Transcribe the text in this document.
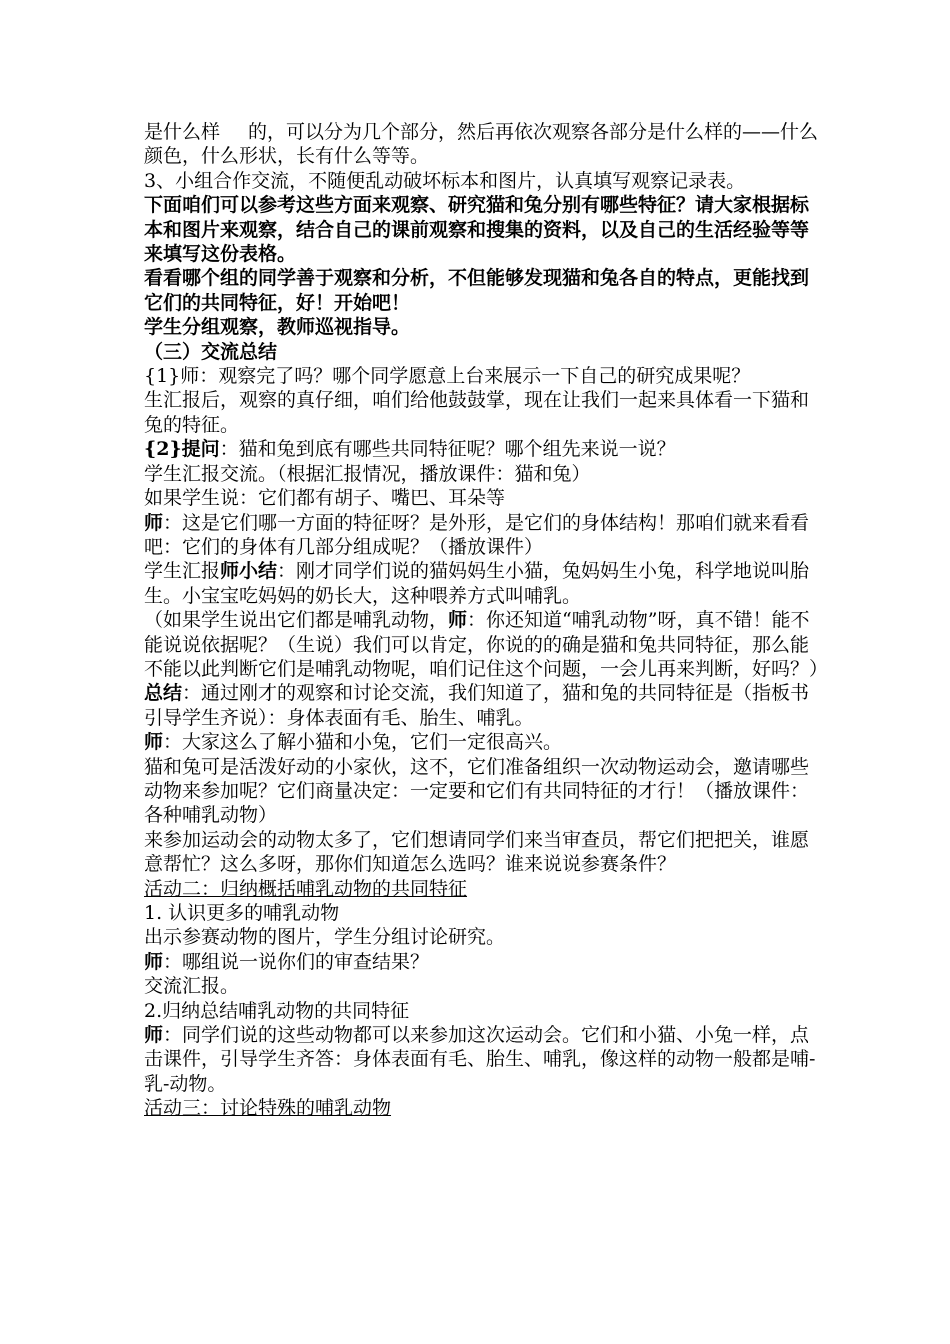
是什么样 的，可以分为几个部分，然后再依次观察各部分是什么样的——什么颜色，什么形状，长有什么等等。

3、小组合作交流，不随便乱动破坏标本和图片，认真填写观察记录表。

下面咱们可以参考这些方面来观察、研究猫和兔分别有哪些特征？请大家根据标本和图片来观察，结合自己的课前观察和搜集的资料，以及自己的生活经验等等来填写这份表格。

看看哪个组的同学善于观察和分析，不但能够发现猫和兔各自的特点，更能找到它们的共同特征，好！开始吧！

学生分组观察，教师巡视指导。

（三）交流总结

{1}师：观察完了吗？哪个同学愿意上台来展示一下自己的研究成果呢？

生汇报后，观察的真仔细，咱们给他鼓鼓掌，现在让我们一起来具体看一下猫和兔的特征。

{2}提问：猫和兔到底有哪些共同特征呢？哪个组先来说一说？

学生汇报交流。（根据汇报情况，播放课件：猫和兔）

如果学生说：它们都有胡子、嘴巴、耳朵等

师：这是它们哪一方面的特征呀？是外形，是它们的身体结构！那咱们就来看看吧：它们的身体有几部分组成呢？（播放课件）

学生汇报师小结：刚才同学们说的猫妈妈生小猫，兔妈妈生小兔，科学地说叫胎生。小宝宝吃妈妈的奶长大，这种喂养方式叫哺乳。

（如果学生说出它们都是哺乳动物，师：你还知道“哺乳动物”呀，真不错！能不能说说依据呢？（生说）我们可以肯定，你说的的确是猫和兔共同特征，那么能不能以此判断它们是哺乳动物呢，咱们记住这个问题，一会儿再来判断，好吗？）

总结：通过刚才的观察和讨论交流，我们知道了，猫和兔的共同特征是（指板书引导学生齐说）：身体表面有毛、胎生、哺乳。

师：大家这么了解小猫和小兔，它们一定很高兴。

猫和兔可是活泼好动的小家伙，这不，它们准备组织一次动物运动会，邀请哪些动物来参加呢？它们商量决定：一定要和它们有共同特征的才行！（播放课件：各种哺乳动物）

来参加运动会的动物太多了，它们想请同学们来当审查员，帮它们把把关，谁愿意帮忙？这么多呀，那你们知道怎么选吗？谁来说说参赛条件？

活动二：归纳概括哺乳动物的共同特征

1. 认识更多的哺乳动物

出示参赛动物的图片，学生分组讨论研究。

师：哪组说一说你们的审查结果？

交流汇报。

2.归纳总结哺乳动物的共同特征

师：同学们说的这些动物都可以来参加这次运动会。它们和小猫、小兔一样，点击课件，引导学生齐答：身体表面有毛、胎生、哺乳，像这样的动物一般都是哺-乳-动物。

活动三：讨论特殊的哺乳动物
